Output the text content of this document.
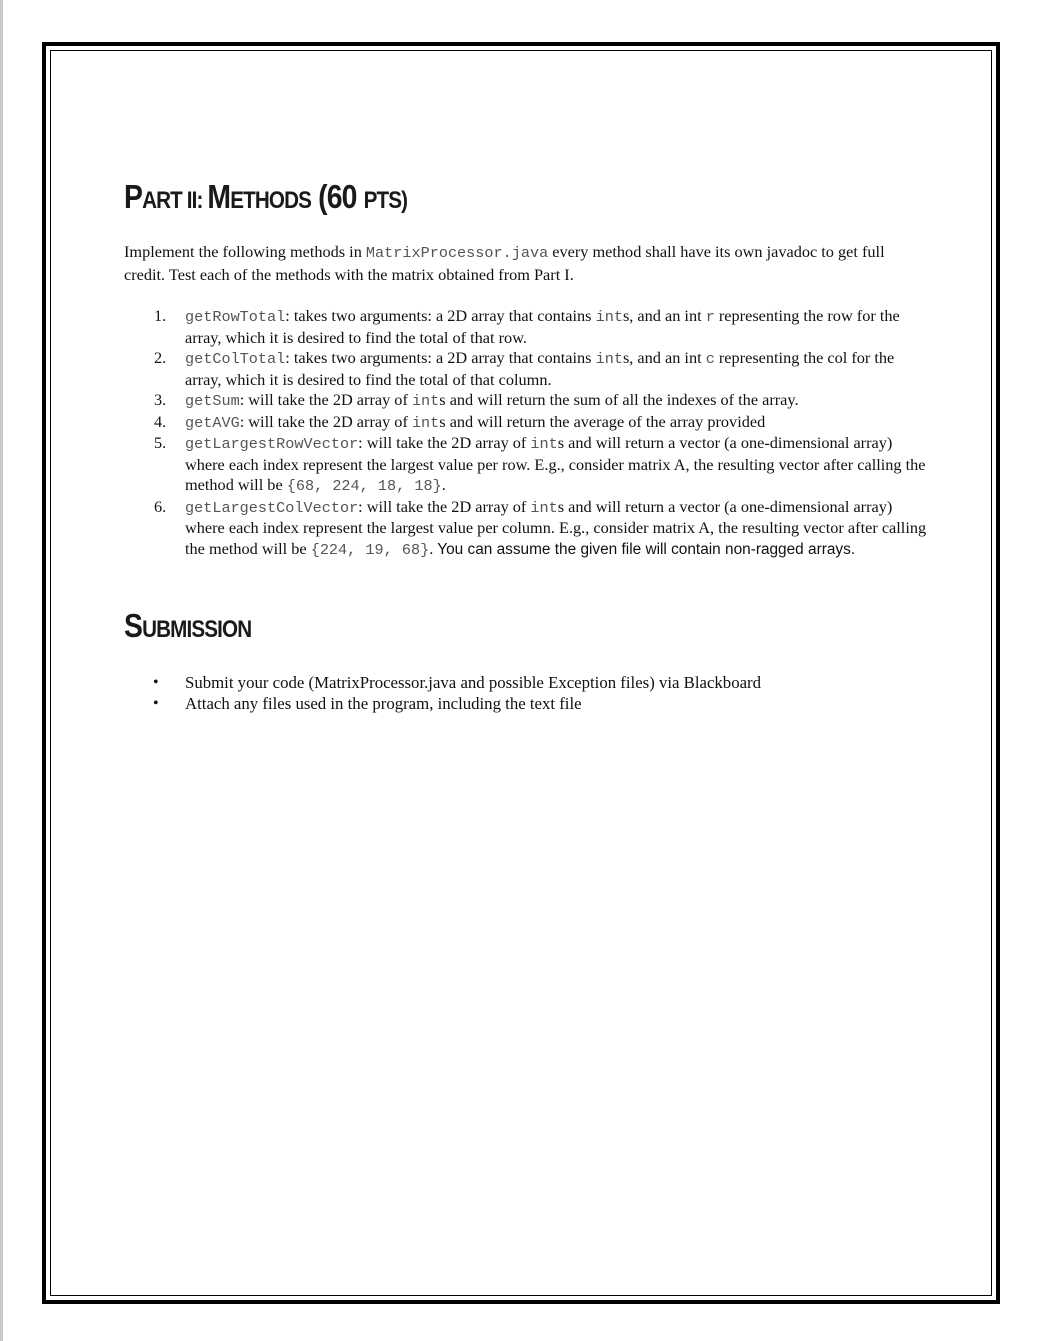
PART II: METHODS (60 PTS)

Implement the following methods in MatrixProcessor.java every method shall have its own javadoc to get full credit. Test each of the methods with the matrix obtained from Part I.

1. getRowTotal: takes two arguments: a 2D array that contains ints, and an int r representing the row for the array, which it is desired to find the total of that row.
2. getColTotal: takes two arguments: a 2D array that contains ints, and an int c representing the col for the array, which it is desired to find the total of that column.
3. getSum: will take the 2D array of ints and will return the sum of all the indexes of the array.
4. getAVG: will take the 2D array of ints and will return the average of the array provided
5. getLargestRowVector: will take the 2D array of ints and will return a vector (a one-dimensional array) where each index represent the largest value per row. E.g., consider matrix A, the resulting vector after calling the method will be {68, 224, 18, 18}.
6. getLargestColVector: will take the 2D array of ints and will return a vector (a one-dimensional array) where each index represent the largest value per column. E.g., consider matrix A, the resulting vector after calling the method will be {224, 19, 68}. You can assume the given file will contain non-ragged arrays.
SUBMISSION
• Submit your code (MatrixProcessor.java and possible Exception files) via Blackboard
• Attach any files used in the program, including the text file
